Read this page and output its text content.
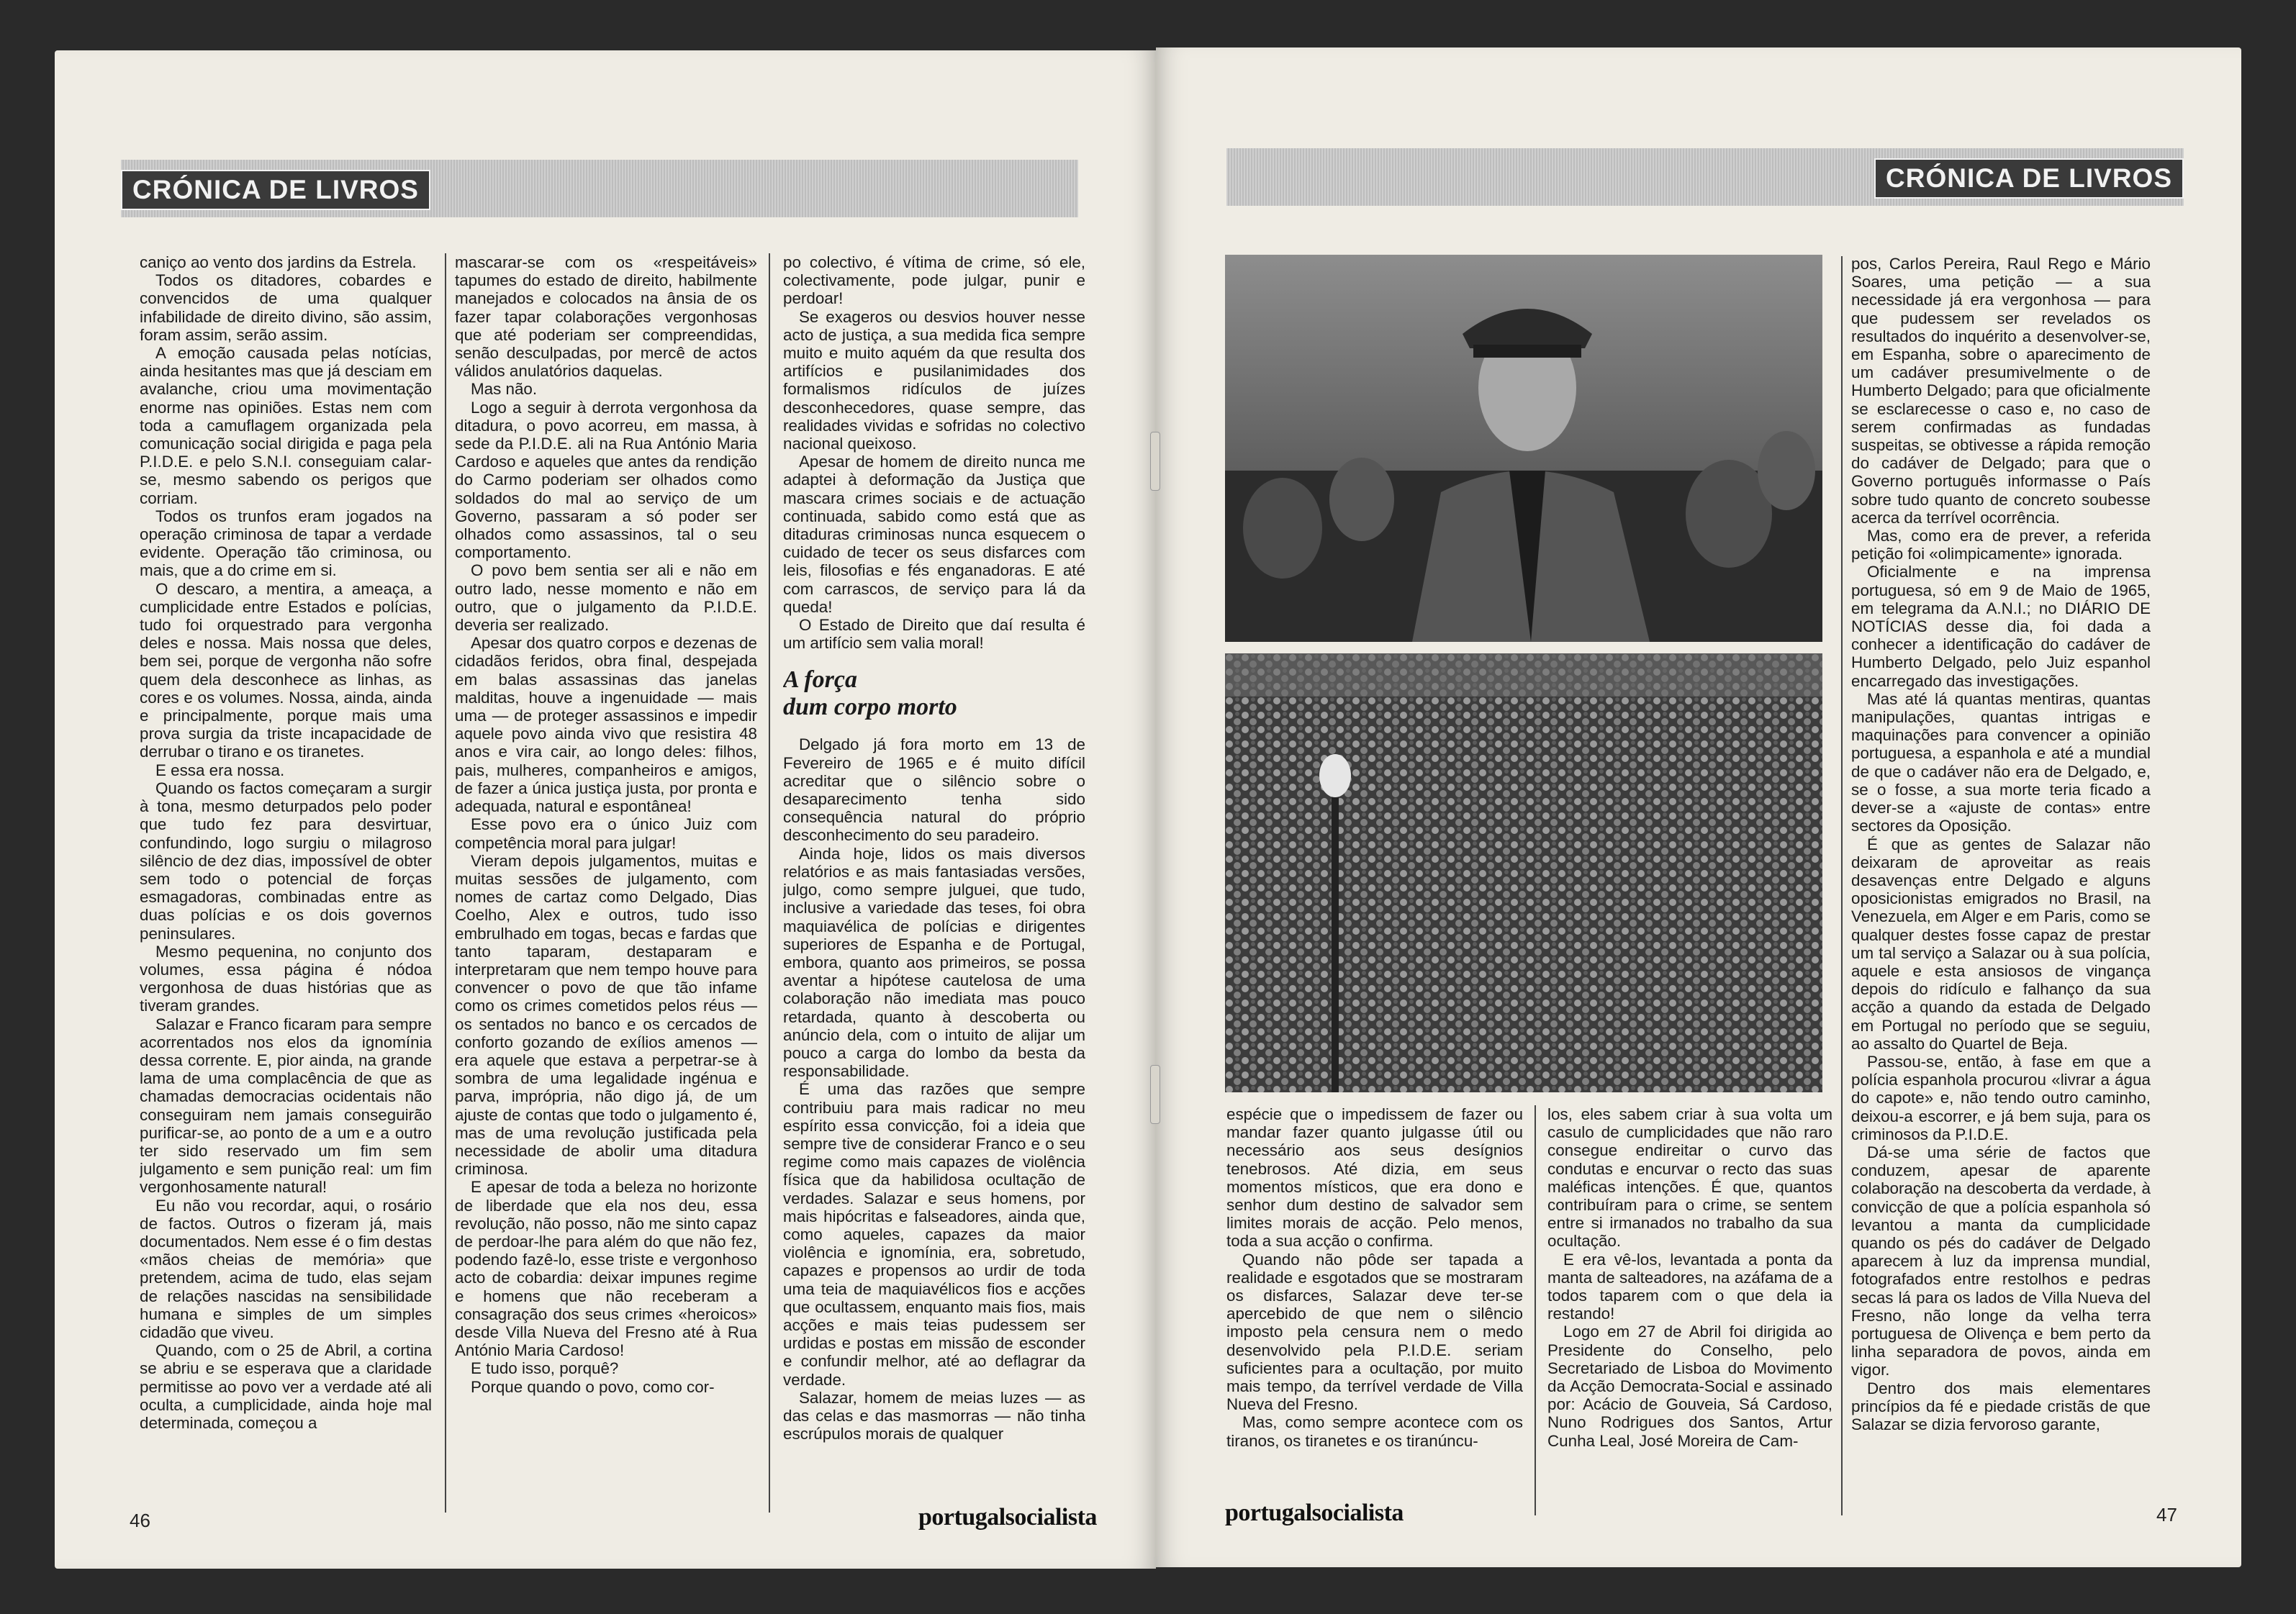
CRÓNICA DE LIVROS

caniço ao vento dos jardins da Estrela.

Todos os ditadores, cobardes e convencidos de uma qualquer infabilidade de direito divino, são assim, foram assim, serão assim.

A emoção causada pelas notícias, ainda hesitantes mas que já desciam em avalanche, criou uma movimentação enorme nas opiniões. Estas nem com toda a camuflagem organizada pela comunicação social dirigida e paga pela P.I.D.E. e pelo S.N.I. conseguiam calar-se, mesmo sabendo os perigos que corriam.

Todos os trunfos eram jogados na operação criminosa de tapar a verdade evidente. Operação tão criminosa, ou mais, que a do crime em si.

O descaro, a mentira, a ameaça, a cumplicidade entre Estados e polícias, tudo foi orquestrado para vergonha deles e nossa. Mais nossa que deles, bem sei, porque de vergonha não sofre quem dela desconhece as linhas, as cores e os volumes. Nossa, ainda, ainda e principalmente, porque mais uma prova surgia da triste incapacidade de derrubar o tirano e os tiranetes.

E essa era nossa.

Quando os factos começaram a surgir à tona, mesmo deturpados pelo poder que tudo fez para desvirtuar, confundindo, logo surgiu o milagroso silêncio de dez dias, impossível de obter sem todo o potencial de forças esmagadoras, combinadas entre as duas polícias e os dois governos peninsulares.

Mesmo pequenina, no conjunto dos volumes, essa página é nódoa vergonhosa de duas histórias que as tiveram grandes.

Salazar e Franco ficaram para sempre acorrentados nos elos da ignomínia dessa corrente. E, pior ainda, na grande lama de uma complacência de que as chamadas democracias ocidentais não conseguiram nem jamais conseguirão purificar-se, ao ponto de a um e a outro ter sido reservado um fim sem julgamento e sem punição real: um fim vergonhosamente natural!

Eu não vou recordar, aqui, o rosário de factos. Outros o fizeram já, mais documentados. Nem esse é o fim destas «mãos cheias de memória» que pretendem, acima de tudo, elas sejam de relações nascidas na sensibilidade humana e simples de um simples cidadão que viveu.

Quando, com o 25 de Abril, a cortina se abriu e se esperava que a claridade permitisse ao povo ver a verdade até ali oculta, a cumplicidade, ainda hoje mal determinada, começou a

mascarar-se com os «respeitáveis» tapumes do estado de direito, habilmente manejados e colocados na ânsia de os fazer tapar colaborações vergonhosas que até poderiam ser compreendidas, senão desculpadas, por mercê de actos válidos anulatórios daquelas.

Mas não.

Logo a seguir à derrota vergonhosa da ditadura, o povo acorreu, em massa, à sede da P.I.D.E. ali na Rua António Maria Cardoso e aqueles que antes da rendição do Carmo poderiam ser olhados como soldados do mal ao serviço de um Governo, passaram a só poder ser olhados como assassinos, tal o seu comportamento.

O povo bem sentia ser ali e não em outro lado, nesse momento e não em outro, que o julgamento da P.I.D.E. deveria ser realizado.

Apesar dos quatro corpos e dezenas de cidadãos feridos, obra final, despejada em balas assassinas das janelas malditas, houve a ingenuidade — mais uma — de proteger assassinos e impedir aquele povo ainda vivo que resistira 48 anos e vira cair, ao longo deles: filhos, pais, mulheres, companheiros e amigos, de fazer a única justiça justa, por pronta e adequada, natural e espontânea!

Esse povo era o único Juiz com competência moral para julgar!

Vieram depois julgamentos, muitas e muitas sessões de julgamento, com nomes de cartaz como Delgado, Dias Coelho, Alex e outros, tudo isso embrulhado em togas, becas e fardas que tanto taparam, destaparam e interpretaram que nem tempo houve para convencer o povo de que tão infame como os crimes cometidos pelos réus — os sentados no banco e os cercados de conforto gozando de exílios amenos — era aquele que estava a perpetrar-se à sombra de uma legalidade ingénua e parva, imprópria, não digo já, de um ajuste de contas que todo o julgamento é, mas de uma revolução justificada pela necessidade de abolir uma ditadura criminosa.

E apesar de toda a beleza no horizonte de liberdade que ela nos deu, essa revolução, não posso, não me sinto capaz de perdoar-lhe para além do que não fez, podendo fazê-lo, esse triste e vergonhoso acto de cobardia: deixar impunes regime e homens que não receberam a consagração dos seus crimes «heroicos» desde Villa Nueva del Fresno até à Rua António Maria Cardoso!

E tudo isso, porquê?

Porque quando o povo, como cor-

po colectivo, é vítima de crime, só ele, colectivamente, pode julgar, punir e perdoar!

Se exageros ou desvios houver nesse acto de justiça, a sua medida fica sempre muito e muito aquém da que resulta dos artifícios e pusilanimidades dos formalismos ridículos de juízes desconhecedores, quase sempre, das realidades vividas e sofridas no colectivo nacional queixoso.

Apesar de homem de direito nunca me adaptei à deformação da Justiça que mascara crimes sociais e de actuação continuada, sabido como está que as ditaduras criminosas nunca esquecem o cuidado de tecer os seus disfarces com leis, filosofias e fés enganadoras. E até com carrascos, de serviço para lá da queda!

O Estado de Direito que daí resulta é um artifício sem valia moral!

A força
dum corpo morto

Delgado já fora morto em 13 de Fevereiro de 1965 e é muito difícil acreditar que o silêncio sobre o desaparecimento tenha sido consequência natural do próprio desconhecimento do seu paradeiro.

Ainda hoje, lidos os mais diversos relatórios e as mais fantasiadas versões, julgo, como sempre julguei, que tudo, inclusive a variedade das teses, foi obra maquiavélica de polícias e dirigentes superiores de Espanha e de Portugal, embora, quanto aos primeiros, se possa aventar a hipótese cautelosa de uma colaboração não imediata mas pouco retardada, quanto à descoberta ou anúncio dela, com o intuito de alijar um pouco a carga do lombo da besta da responsabilidade.

É uma das razões que sempre contribuiu para mais radicar no meu espírito essa convicção, foi a ideia que sempre tive de considerar Franco e o seu regime como mais capazes de violência física que da habilidosa ocultação de verdades. Salazar e seus homens, por mais hipócritas e falseadores, ainda que, como aqueles, capazes da maior violência e ignomínia, era, sobretudo, capazes e propensos ao urdir de toda uma teia de maquiavélicos fios e acções que ocultassem, enquanto mais fios, mais acções e mais teias pudessem ser urdidas e postas em missão de esconder e confundir melhor, até ao deflagrar da verdade.

Salazar, homem de meias luzes — as das celas e das masmorras — não tinha escrúpulos morais de qualquer

46	portugalsocialista
CRÓNICA DE LIVROS

espécie que o impedissem de fazer ou mandar fazer quanto julgasse útil ou necessário aos seus desígnios tenebrosos. Até dizia, em seus momentos místicos, que era dono e senhor dum destino de salvador sem limites morais de acção. Pelo menos, toda a sua acção o confirma.

Quando não pôde ser tapada a realidade e esgotados que se mostraram os disfarces, Salazar deve ter-se apercebido de que nem o silêncio imposto pela censura nem o medo desenvolvido pela P.I.D.E. seriam suficientes para a ocultação, por muito mais tempo, da terrível verdade de Villa Nueva del Fresno.

Mas, como sempre acontece com os tiranos, os tiranetes e os tiranúncu-

los, eles sabem criar à sua volta um casulo de cumplicidades que não raro consegue endireitar o curvo das condutas e encurvar o recto das suas maléficas intenções. É que, quantos contribuíram para o crime, se sentem entre si irmanados no trabalho da sua ocultação.

E era vê-los, levantada a ponta da manta de salteadores, na azáfama de a todos taparem com o que dela ia restando!

Logo em 27 de Abril foi dirigida ao Presidente do Conselho, pelo Secretariado de Lisboa do Movimento da Acção Democrata-Social e assinado por: Acácio de Gouveia, Sá Cardoso, Nuno Rodrigues dos Santos, Artur Cunha Leal, José Moreira de Cam-

pos, Carlos Pereira, Raul Rego e Mário Soares, uma petição — a sua necessidade já era vergonhosa — para que pudessem ser revelados os resultados do inquérito a desenvolver-se, em Espanha, sobre o aparecimento de um cadáver presumivelmente o de Humberto Delgado; para que oficialmente se esclarecesse o caso e, no caso de serem confirmadas as fundadas suspeitas, se obtivesse a rápida remoção do cadáver de Delgado; para que o Governo português informasse o País sobre tudo quanto de concreto soubesse acerca da terrível ocorrência.

Mas, como era de prever, a referida petição foi «olimpicamente» ignorada.

Oficialmente e na imprensa portuguesa, só em 9 de Maio de 1965, em telegrama da A.N.I.; no DIÁRIO DE NOTÍCIAS desse dia, foi dada a conhecer a identificação do cadáver de Humberto Delgado, pelo Juiz espanhol encarregado das investigações.

Mas até lá quantas mentiras, quantas manipulações, quantas intrigas e maquinações para convencer a opinião portuguesa, a espanhola e até a mundial de que o cadáver não era de Delgado, e, se o fosse, a sua morte teria ficado a dever-se a «ajuste de contas» entre sectores da Oposição.

É que as gentes de Salazar não deixaram de aproveitar as reais desavenças entre Delgado e alguns oposicionistas emigrados no Brasil, na Venezuela, em Alger e em Paris, como se qualquer destes fosse capaz de prestar um tal serviço a Salazar ou à sua polícia, aquele e esta ansiosos de vingança depois do ridículo e falhanço da sua acção a quando da estada de Delgado em Portugal no período que se seguiu, ao assalto do Quartel de Beja.

Passou-se, então, à fase em que a polícia espanhola procurou «livrar a água do capote» e, não tendo outro caminho, deixou-a escorrer, e já bem suja, para os criminosos da P.I.D.E.

Dá-se uma série de factos que conduzem, apesar de aparente colaboração na descoberta da verdade, à convicção de que a polícia espanhola só levantou a manta da cumplicidade quando os pés do cadáver de Delgado aparecem à luz da imprensa mundial, fotografados entre restolhos e pedras secas lá para os lados de Villa Nueva del Fresno, não longe da velha terra portuguesa de Olivença e bem perto da linha separadora de povos, ainda em vigor.

Dentro dos mais elementares princípios da fé e piedade cristãs de que Salazar se dizia fervoroso garante,

portugalsocialista	47
